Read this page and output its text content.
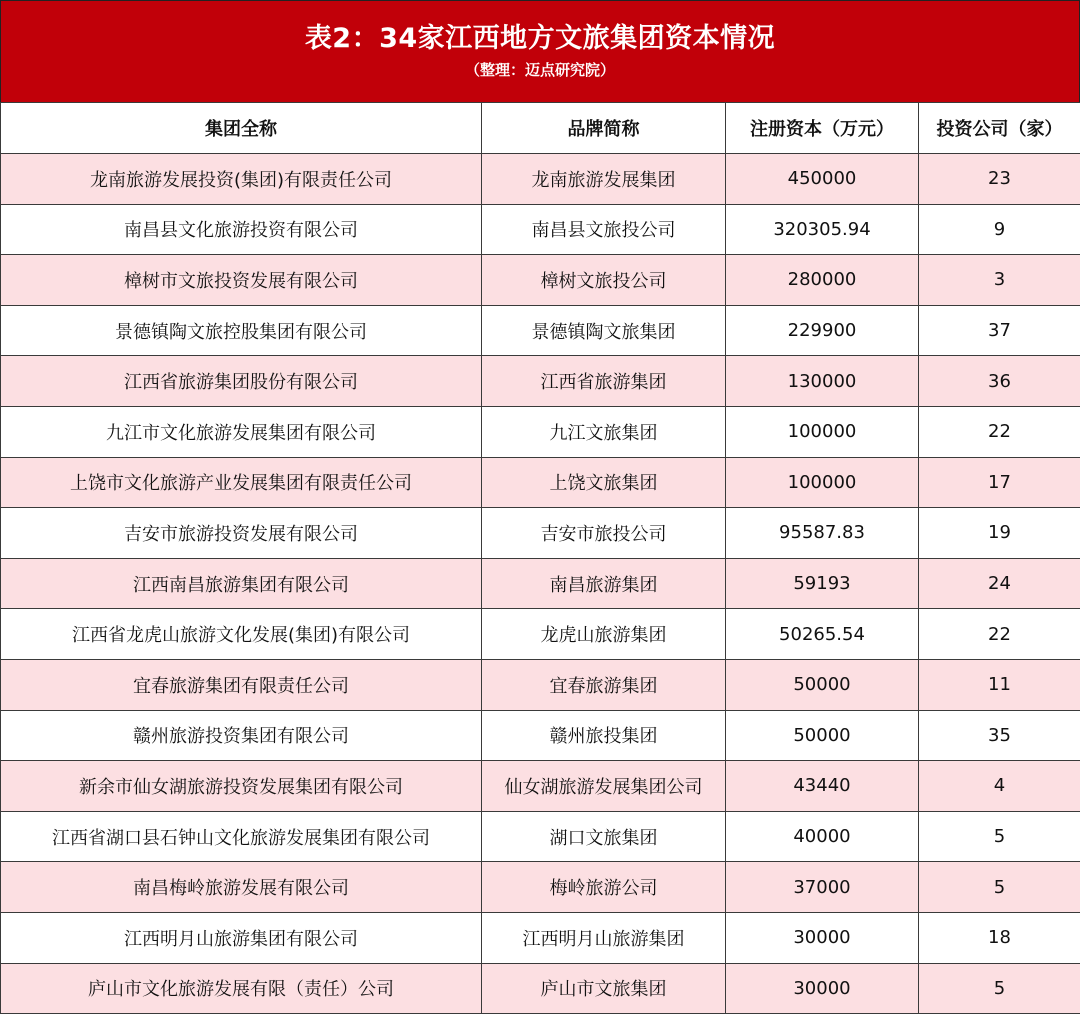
表2：34家江西地方文旅集团资本情况
（整理：迈点研究院）
集团全称	品牌简称	注册资本（万元）	投资公司（家）
龙南旅游发展投资(集团)有限责任公司	龙南旅游发展集团	450000	23
南昌县文化旅游投资有限公司	南昌县文旅投公司	320305.94	9
樟树市文旅投资发展有限公司	樟树文旅投公司	280000	3
景德镇陶文旅控股集团有限公司	景德镇陶文旅集团	229900	37
江西省旅游集团股份有限公司	江西省旅游集团	130000	36
九江市文化旅游发展集团有限公司	九江文旅集团	100000	22
上饶市文化旅游产业发展集团有限责任公司	上饶文旅集团	100000	17
吉安市旅游投资发展有限公司	吉安市旅投公司	95587.83	19
江西南昌旅游集团有限公司	南昌旅游集团	59193	24
江西省龙虎山旅游文化发展(集团)有限公司	龙虎山旅游集团	50265.54	22
宜春旅游集团有限责任公司	宜春旅游集团	50000	11
赣州旅游投资集团有限公司	赣州旅投集团	50000	35
新余市仙女湖旅游投资发展集团有限公司	仙女湖旅游发展集团公司	43440	4
江西省湖口县石钟山文化旅游发展集团有限公司	湖口文旅集团	40000	5
南昌梅岭旅游发展有限公司	梅岭旅游公司	37000	5
江西明月山旅游集团有限公司	江西明月山旅游集团	30000	18
庐山市文化旅游发展有限（责任）公司	庐山市文旅集团	30000	5
